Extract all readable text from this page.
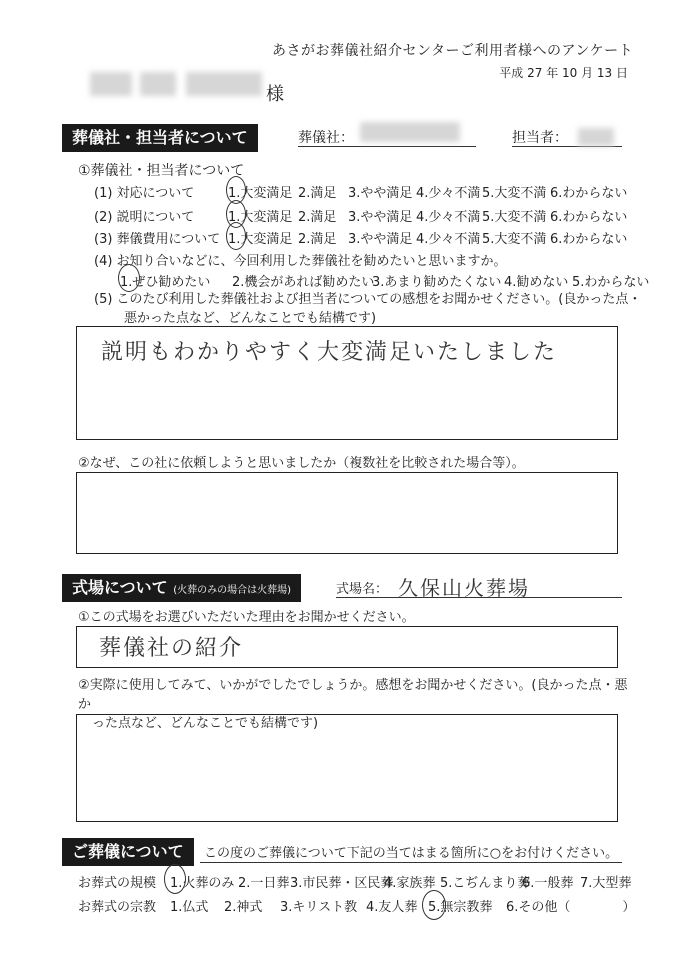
あさがお葬儀社紹介センターご利用者様へのアンケート
平成 27 年 10 月 13 日
様
葬儀社・担当者について	葬儀社：	担当者：
①葬儀社・担当者について
(1) 対応について	1.大変満足 2.満足 3.やや満足 4.少々不満 5.大変不満 6.わからない
(2) 説明について	1.大変満足 2.満足 3.やや満足 4.少々不満 5.大変不満 6.わからない
(3) 葬儀費用について 1.大変満足 2.満足 3.やや満足 4.少々不満 5.大変不満 6.わからない
(4) お知り合いなどに、今回利用した葬儀社を勧めたいと思いますか。
1.ぜひ勧めたい 2.機会があれば勧めたい
3.あまり勧めたくない 4.勧めない 5.わからない
(5) このたび利用した葬儀社および担当者についての感想をお聞かせください。(良かった点・
悪かった点など、どんなことでも結構です)
説明もわかりやすく大変満足いたしました
②なぜ、この社に依頼しようと思いましたか（複数社を比較された場合等）。
式場について (火葬のみの場合は火葬場)	式場名： 久保山火葬場
①この式場をお選びいただいた理由をお聞かせください。
葬儀社の紹介
②実際に使用してみて、いかがでしたでしょうか。感想をお聞かせください。(良かった点・悪か
った点など、どんなことでも結構です)
ご葬儀について	この度のご葬儀について下記の当てはまる箇所に○をお付けください。
お葬式の規模 1.火葬のみ 2.一日葬 3.市民葬・区民葬
4.家族葬 5.こぢんまり葬
6.一般葬 7.大型葬
お葬式の宗教 1.仏式 2.神式 3.キリスト教 4.友人葬 5.無宗教葬 6.その他（　　　　）
